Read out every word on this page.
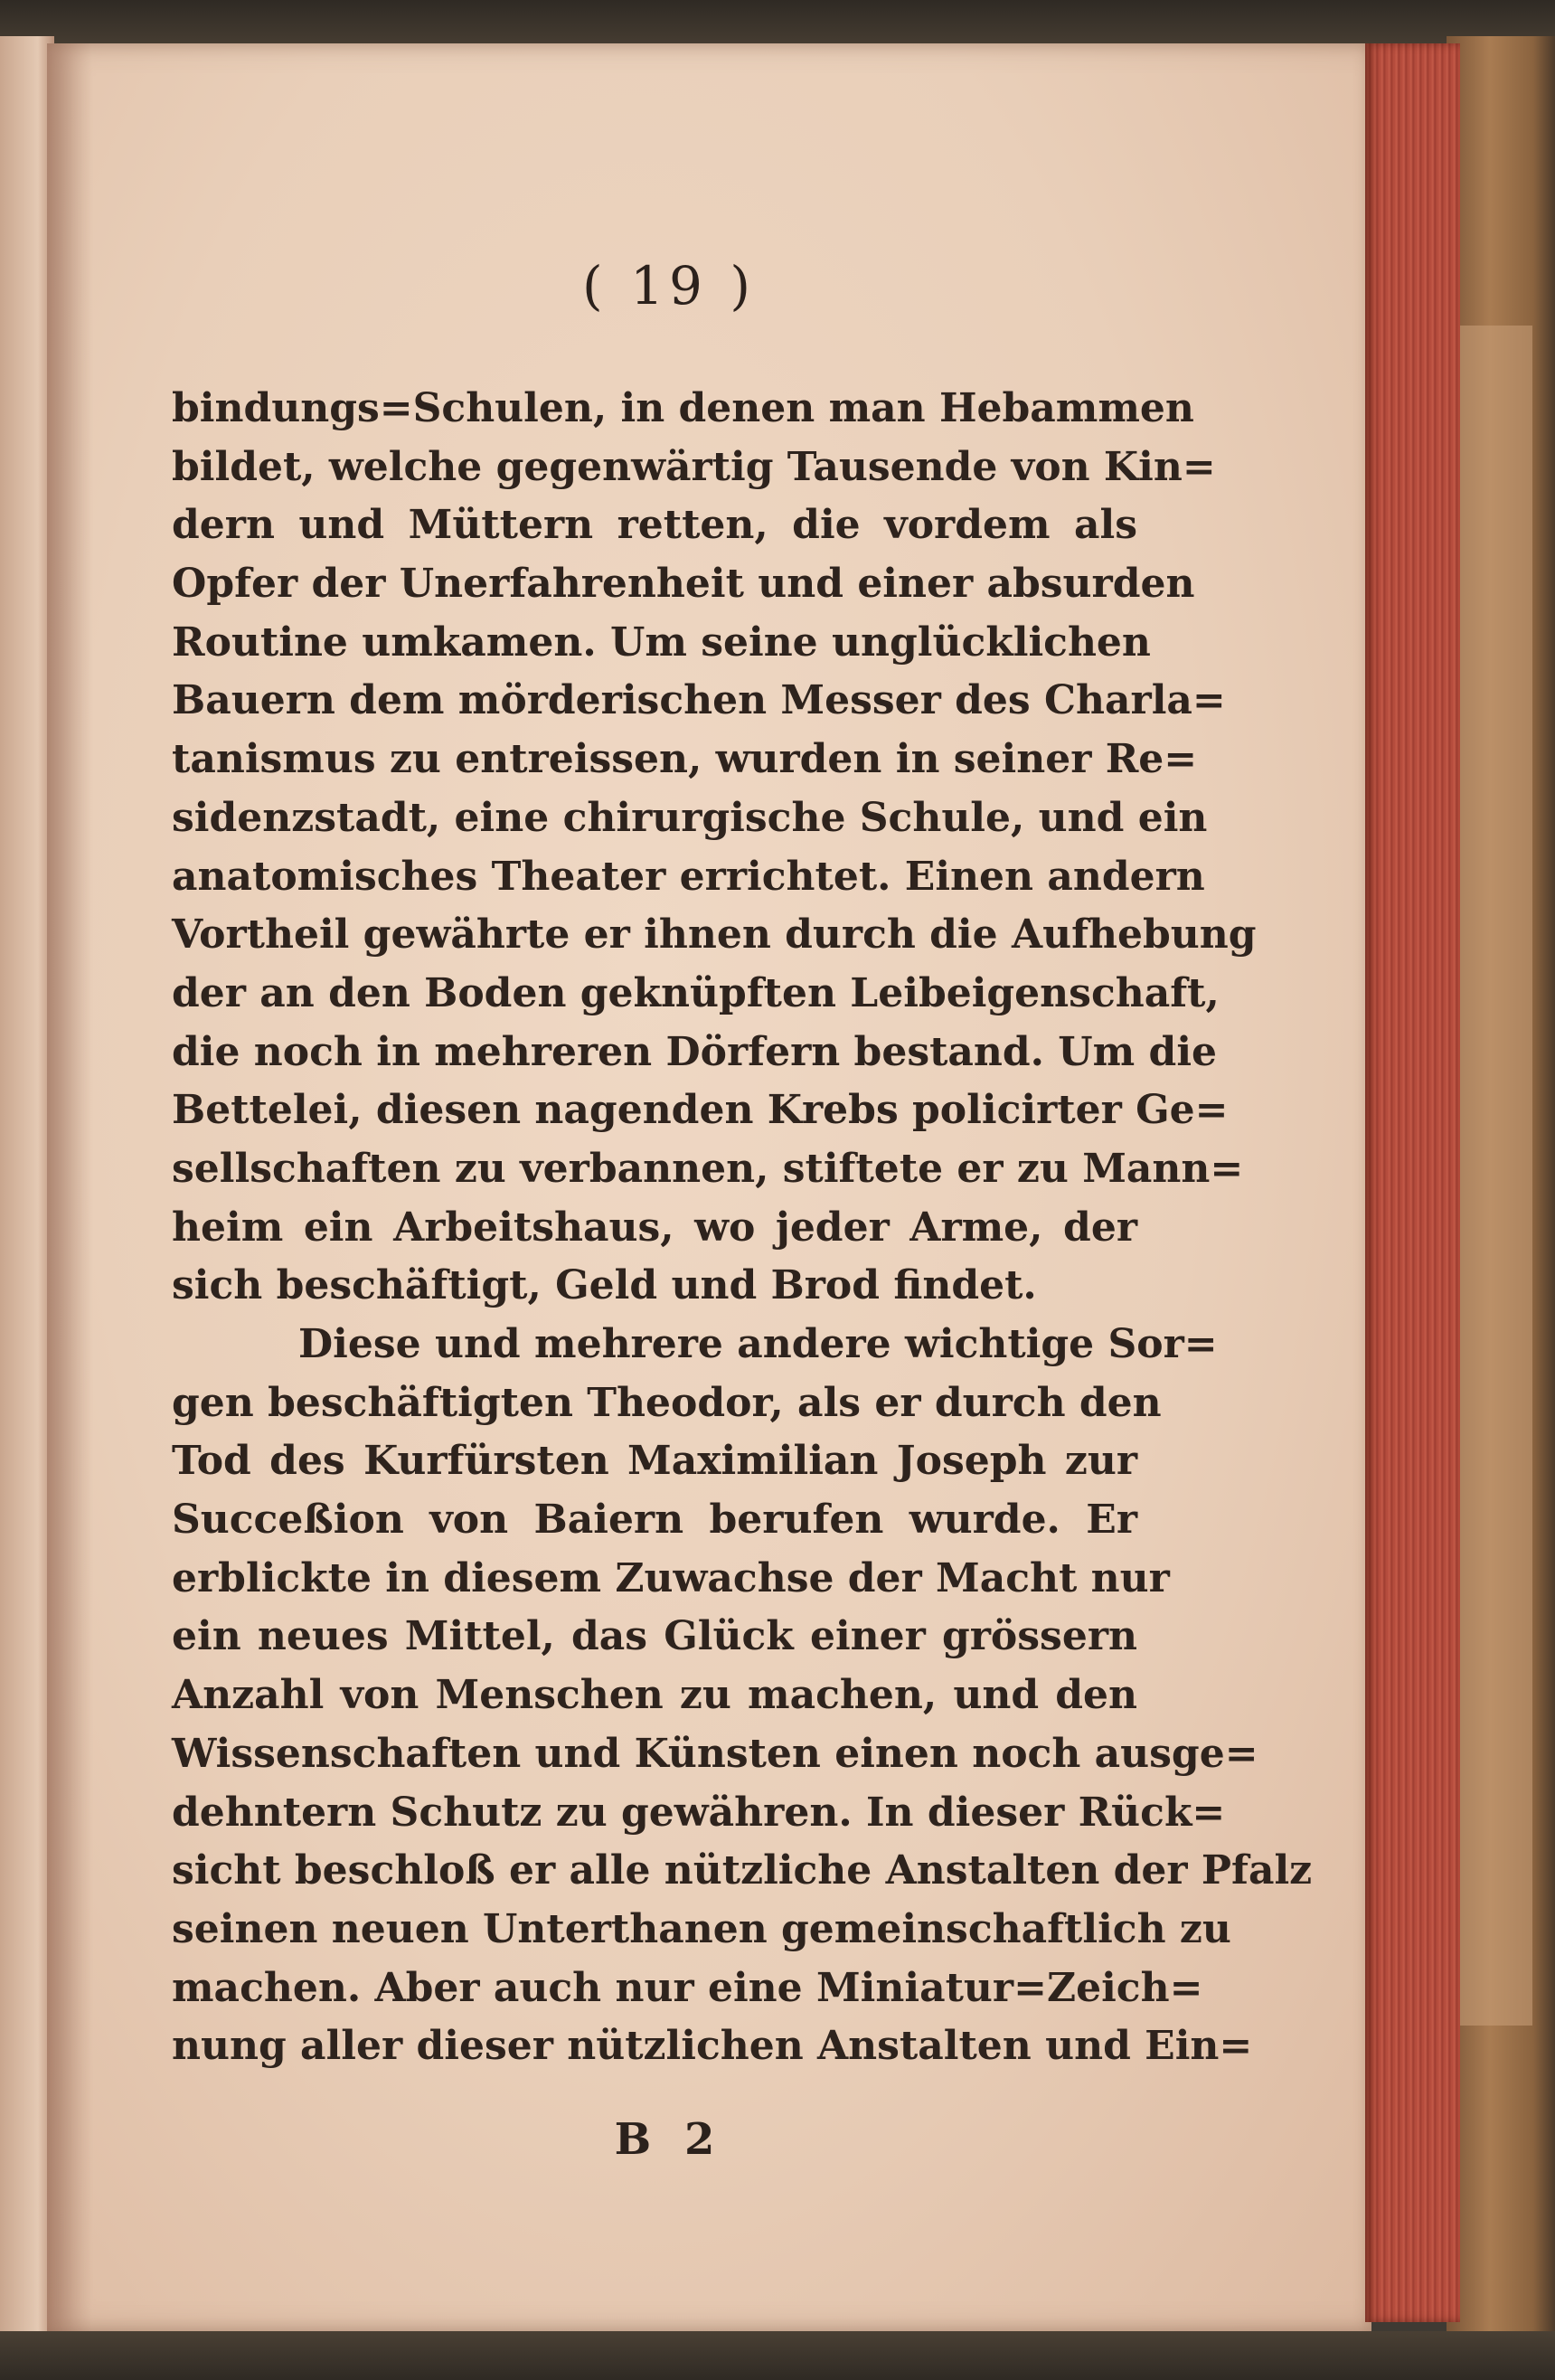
( 19 )
bindungs=Schulen, in denen man Hebammen
bildet, welche gegenwärtig Tausende von Kin=
dern und Müttern retten, die vordem als
Opfer der Unerfahrenheit und einer absurden
Routine umkamen. Um seine unglücklichen
Bauern dem mörderischen Messer des Charla=
tanismus zu entreissen, wurden in seiner Re=
sidenzstadt, eine chirurgische Schule, und ein
anatomisches Theater errichtet. Einen andern
Vortheil gewährte er ihnen durch die Aufhebung
der an den Boden geknüpften Leibeigenschaft,
die noch in mehreren Dörfern bestand. Um die
Bettelei, diesen nagenden Krebs policirter Ge=
sellschaften zu verbannen, stiftete er zu Mann=
heim ein Arbeitshaus, wo jeder Arme, der
sich beschäftigt, Geld und Brod findet.
Diese und mehrere andere wichtige Sor=
gen beschäftigten Theodor, als er durch den
Tod des Kurfürsten Maximilian Joseph zur
Succeßion von Baiern berufen wurde. Er
erblickte in diesem Zuwachse der Macht nur
ein neues Mittel, das Glück einer grössern
Anzahl von Menschen zu machen, und den
Wissenschaften und Künsten einen noch ausge=
dehntern Schutz zu gewähren. In dieser Rück=
sicht beschloß er alle nützliche Anstalten der Pfalz
seinen neuen Unterthanen gemeinschaftlich zu
machen. Aber auch nur eine Miniatur=Zeich=
nung aller dieser nützlichen Anstalten und Ein=
B 2
